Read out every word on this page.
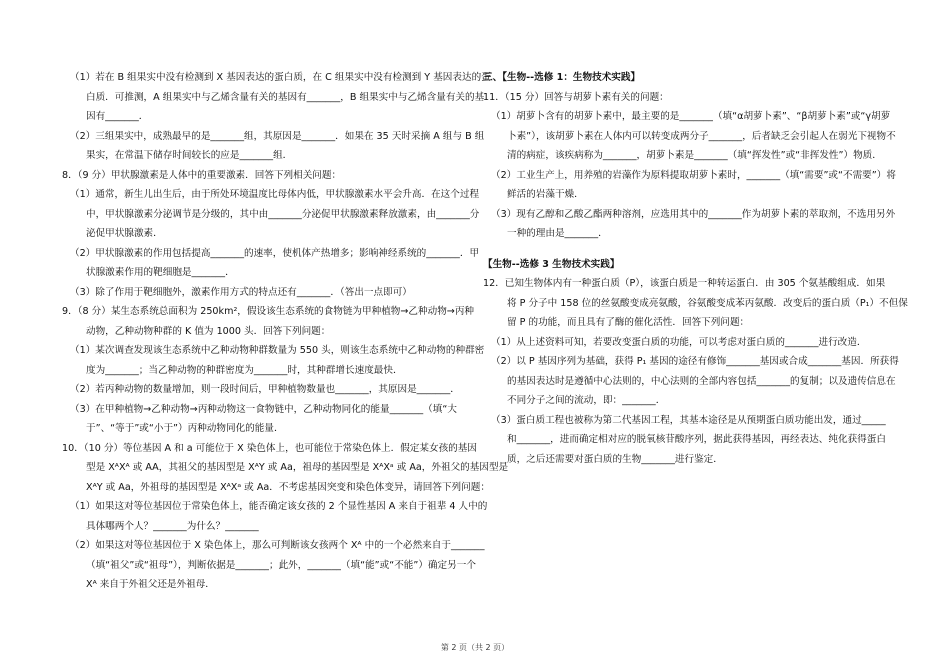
（1）若在 B 组果实中没有检测到 X 基因表达的蛋白质，在 C 组果实中没有检测到 Y 基因表达的蛋

白质．可推测，A 组果实中与乙烯含量有关的基因有_______，B 组果实中与乙烯含量有关的基

因有_______．

（2）三组果实中，成熟最早的是_______组，其原因是_______．如果在 35 天时采摘 A 组与 B 组

果实，在常温下储存时间较长的应是_______组．

8．（9 分）甲状腺激素是人体中的重要激素．回答下列相关问题：

（1）通常，新生儿出生后，由于所处环境温度比母体内低，甲状腺激素水平会升高．在这个过程

中，甲状腺激素分泌调节是分级的，其中由_______分泌促甲状腺激素释放激素，由_______分

泌促甲状腺激素．

（2）甲状腺激素的作用包括提高_______的速率，使机体产热增多；影响神经系统的_______．甲

状腺激素作用的靶细胞是_______．

（3）除了作用于靶细胞外，激素作用方式的特点还有_______．（答出一点即可）

9．（8 分）某生态系统总面积为 250km²，假设该生态系统的食物链为甲种植物→乙种动物→丙种

动物，乙种动物种群的 K 值为 1000 头．回答下列问题：

（1）某次调查发现该生态系统中乙种动物种群数量为 550 头，则该生态系统中乙种动物的种群密

度为_______；当乙种动物的种群密度为_______时，其种群增长速度最快．

（2）若丙种动物的数量增加，则一段时间后，甲种植物数量也_______，其原因是_______．

（3）在甲种植物→乙种动物→丙种动物这一食物链中，乙种动物同化的能量_______（填“大

于”、“等于”或“小于”）丙种动物同化的能量．

10．（10 分）等位基因 A 和 a 可能位于 X 染色体上，也可能位于常染色体上．假定某女孩的基因

型是 XᴬXᴬ 或 AA，其祖父的基因型是 XᴬY 或 Aa，祖母的基因型是 XᴬXᵃ 或 Aa，外祖父的基因型是

XᴬY 或 Aa，外祖母的基因型是 XᴬXᵃ 或 Aa．不考虑基因突变和染色体变异，请回答下列问题：

（1）如果这对等位基因位于常染色体上，能否确定该女孩的 2 个显性基因 A 来自于祖辈 4 人中的

具体哪两个人？_______为什么？_______

（2）如果这对等位基因位于 X 染色体上，那么可判断该女孩两个 Xᴬ 中的一个必然来自于_______

（填“祖父”或“祖母”），判断依据是_______；此外，_______（填“能”或“不能”）确定另一个

Xᴬ 来自于外祖父还是外祖母．

三、【生物--选修 1：生物技术实践】

11．（15 分）回答与胡萝卜素有关的问题：

（1）胡萝卜含有的胡萝卜素中，最主要的是_______（填“α胡萝卜素”、“β胡萝卜素”或“γ胡萝

卜素”），该胡萝卜素在人体内可以转变成两分子_______，后者缺乏会引起人在弱光下视物不

清的病症，该疾病称为_______，胡萝卜素是_______（填“挥发性”或“非挥发性”）物质．

（2）工业生产上，用养殖的岩藻作为原料提取胡萝卜素时，_______（填“需要”或“不需要”）将

鲜活的岩藻干燥．

（3）现有乙醇和乙酸乙酯两种溶剂，应选用其中的_______作为胡萝卜素的萃取剂，不选用另外

一种的理由是_______．

【生物--选修 3 生物技术实践】

12．已知生物体内有一种蛋白质（P），该蛋白质是一种转运蛋白．由 305 个氨基酸组成．如果

将 P 分子中 158 位的丝氨酸变成亮氨酸，谷氨酸变成苯丙氨酸．改变后的蛋白质（P₁）不但保

留 P 的功能，而且具有了酶的催化活性．回答下列问题：

（1）从上述资料可知，若要改变蛋白质的功能，可以考虑对蛋白质的_______进行改造．

（2）以 P 基因序列为基础，获得 P₁ 基因的途径有修饰_______基因或合成_______基因．所获得

的基因表达时是遵循中心法则的，中心法则的全部内容包括_______的复制；以及遗传信息在

不同分子之间的流动，即：_______．

（3）蛋白质工程也被称为第二代基因工程，其基本途径是从预期蛋白质功能出发，通过_____

和_______，进而确定相对应的脱氧核苷酸序列，据此获得基因，再经表达、纯化获得蛋白

质，之后还需要对蛋白质的生物_______进行鉴定．

第 2 页（共 2 页）
